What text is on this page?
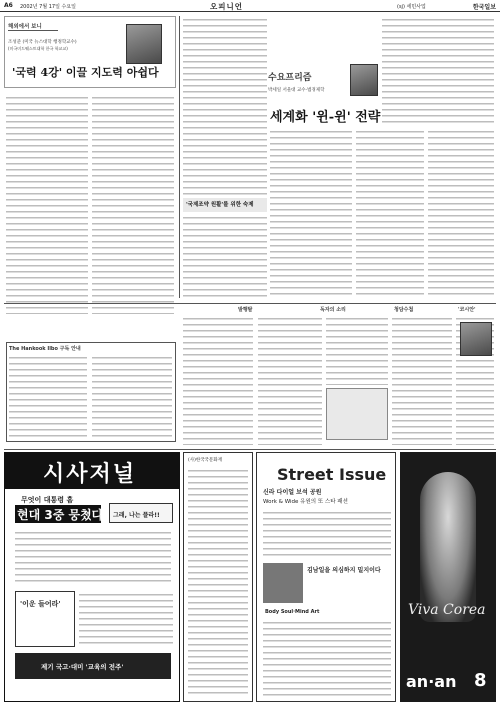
A6 2002년 7월 17일 수요일	오피니언	(sj) 세민사업	한국일보
해외에서 보니
조성준 (미국 뉴스대학 행정학교수)
(미국미드웨스트대학 한국 학교교)
'국력 4강' 이끌 지도력 아쉽다	수요프리즘
박세일 서울대 교수·법경제학
세계화 '윈-윈' 전략
'국제조약 원활'를 위한 숙제
발행탈	독자의 소리	청담수첩	'코시안'
The Hankook Ilbo 구독 안내
시사저널
무엇이 대통령 흠
현대 3중 뭉쳤다 그래, 나는 플라!!
'이운 들어라'
제기 국고·대미 '교육의 전주'
(사)한국국문화재
Street Issue
신라 다이얼 보석 공원
Work & Wide 유원의 또 스타 패션
김남일을 의심하지 밀지이다
Body Soul·Mind Art	Viva Corea
an·an 8
